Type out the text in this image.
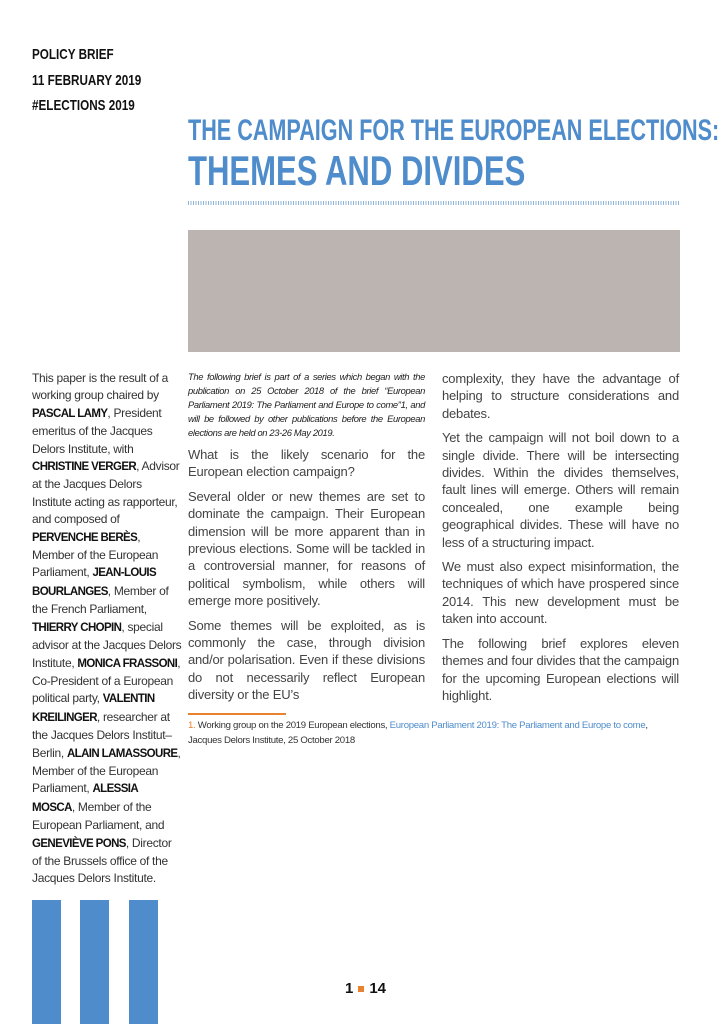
POLICY BRIEF
11 FEBRUARY 2019
#ELECTIONS 2019
THE CAMPAIGN FOR THE EUROPEAN ELECTIONS:
THEMES AND DIVIDES
This paper is the result of a working group chaired by PASCAL LAMY, President emeritus of the Jacques Delors Institute, with CHRISTINE VERGER, Advisor at the Jacques Delors Institute acting as rapporteur, and composed of PERVENCHE BERÈS, Member of the European Parliament, JEAN-LOUIS BOURLANGES, Member of the French Parliament, THIERRY CHOPIN, special advisor at the Jacques Delors Institute, MONICA FRASSONI, Co-President of a European political party, VALENTIN KREILINGER, researcher at the Jacques Delors Institut–Berlin, ALAIN LAMASSOURE, Member of the European Parliament, ALESSIA MOSCA, Member of the European Parliament, and GENEVIÈVE PONS, Director of the Brussels office of the Jacques Delors Institute.

The following brief is part of a series which began with the publication on 25 October 2018 of the brief “European Parliament 2019: The Parliament and Europe to come”1, and will be followed by other publications before the European elections are held on 23-26 May 2019.

What is the likely scenario for the European election campaign?

Several older or new themes are set to dominate the campaign. Their European dimension will be more apparent than in previous elections. Some will be tackled in a controversial manner, for reasons of political symbolism, while others will emerge more positively.

Some themes will be exploited, as is commonly the case, through division and/or polarisation. Even if these divisions do not necessarily reflect European diversity or the EU’s

complexity, they have the advantage of helping to structure considerations and debates.

Yet the campaign will not boil down to a single divide. There will be intersecting divides. Within the divides themselves, fault lines will emerge. Others will remain concealed, one example being geographical divides. These will have no less of a structuring impact.

We must also expect misinformation, the techniques of which have prospered since 2014. This new development must be taken into account.

The following brief explores eleven themes and four divides that the campaign for the upcoming European elections will highlight.

1. Working group on the 2019 European elections, European Parliament 2019: The Parliament and Europe to come, Jacques Delors Institute, 25 October 2018
1 14
